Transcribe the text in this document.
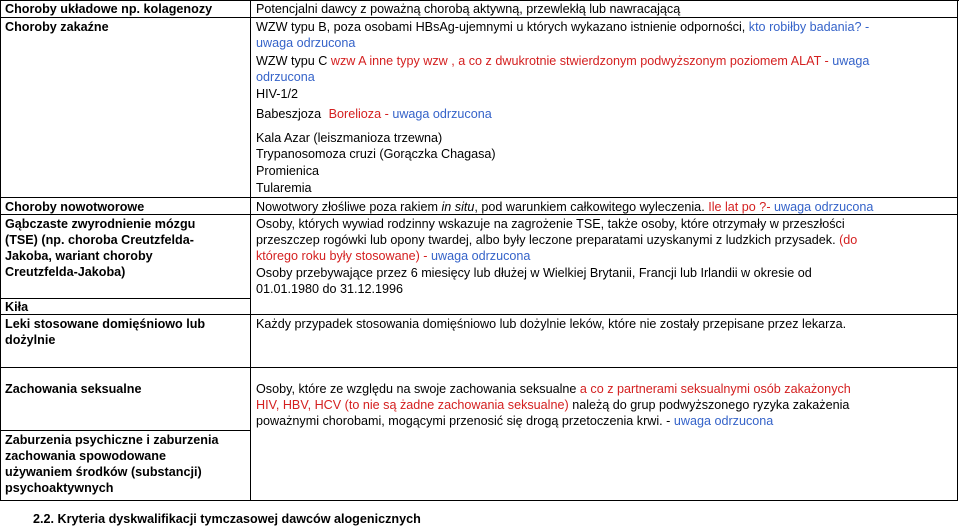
Choroby układowe np. kolagenozy
Choroby zakaźne
Choroby nowotworowe
Gąbczaste zwyrodnienie mózgu
(TSE) (np. choroba Creutzfelda-
Jakoba, wariant choroby
Creutzfelda-Jakoba)
Kiła
Leki stosowane domięśniowo lub
dożylnie
Zachowania seksualne
Zaburzenia psychiczne i zaburzenia
zachowania spowodowane
używaniem środków (substancji)
psychoaktywnych
Potencjalni dawcy z poważną chorobą aktywną, przewlekłą lub nawracającą
WZW typu B, poza osobami HBsAg-ujemnymi u których wykazano istnienie odporności, kto robiłby badania? -
uwaga odrzucona
WZW typu C wzw A inne typy wzw , a co z dwukrotnie stwierdzonym podwyższonym poziomem ALAT - uwaga
odrzucona
HIV-1/2
Babeszjoza Borelioza - uwaga odrzucona
Kala Azar (leiszmanioza trzewna)
Trypanosomoza cruzi (Gorączka Chagasa)
Promienica
Tularemia
Nowotwory złośliwe poza rakiem in situ, pod warunkiem całkowitego wyleczenia. Ile lat po ?- uwaga odrzucona
Osoby, których wywiad rodzinny wskazuje na zagrożenie TSE, także osoby, które otrzymały w przeszłości
przeszczep rogówki lub opony twardej, albo były leczone preparatami uzyskanymi z ludzkich przysadek. (do
którego roku były stosowane) - uwaga odrzucona
Osoby przebywające przez 6 miesięcy lub dłużej w Wielkiej Brytanii, Francji lub Irlandii w okresie od
01.01.1980 do 31.12.1996
Każdy przypadek stosowania domięśniowo lub dożylnie leków, które nie zostały przepisane przez lekarza.
Osoby, które ze względu na swoje zachowania seksualne a co z partnerami seksualnymi osób zakażonych
HIV, HBV, HCV (to nie są żadne zachowania seksualne) należą do grup podwyższonego ryzyka zakażenia
poważnymi chorobami, mogącymi przenosić się drogą przetoczenia krwi. - uwaga odrzucona
2.2. Kryteria dyskwalifikacji tymczasowej dawców alogenicznych
